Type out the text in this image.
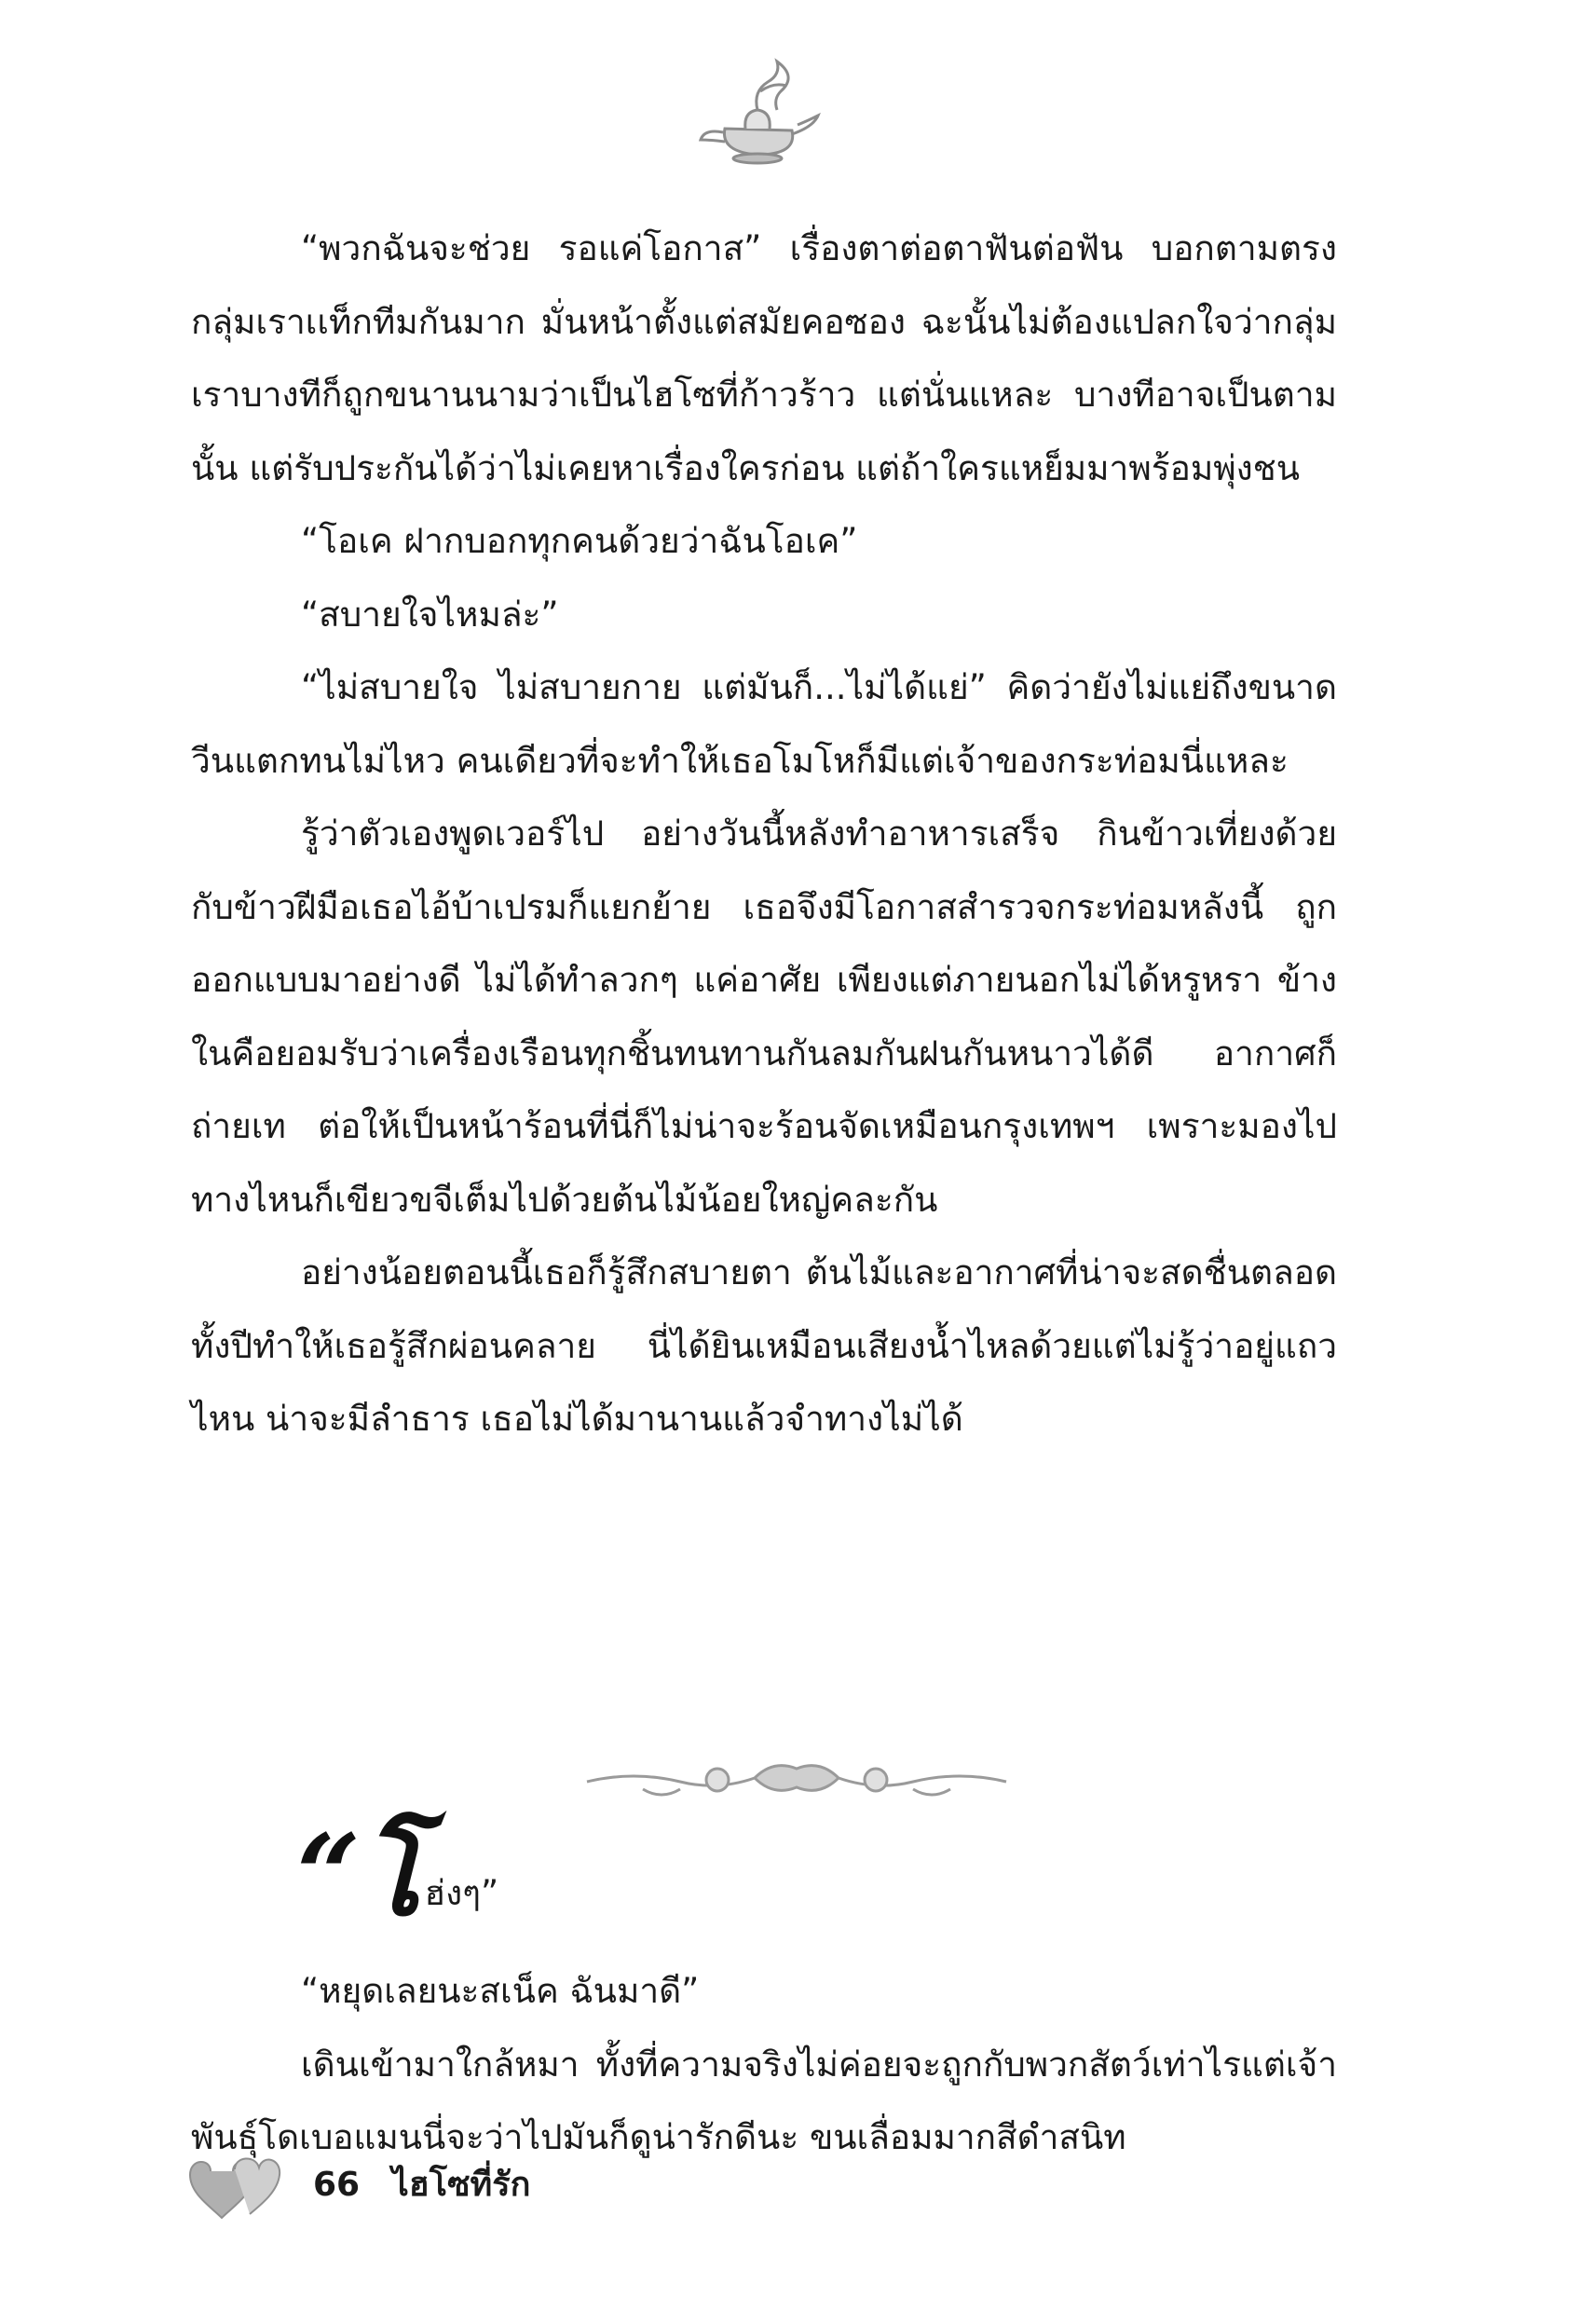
“พวกฉันจะช่วย รอแค่โอกาส” เรื่องตาต่อตาฟันต่อฟัน บอกตามตรงกลุ่มเราเเท็กทีมกันมาก มั่นหน้าตั้งแต่สมัยคอซอง ฉะนั้นไม่ต้องแปลกใจว่ากลุ่มเราบางทีก็ถูกขนานนามว่าเป็นไฮโซที่ก้าวร้าว แต่นั่นแหละ บางทีอาจเป็นตามนั้น แต่รับประกันได้ว่าไม่เคยหาเรื่องใครก่อน แต่ถ้าใครแหย็มมาพร้อมพุ่งชน

“โอเค ฝากบอกทุกคนด้วยว่าฉันโอเค”

“สบายใจไหมล่ะ”

“ไม่สบายใจ ไม่สบายกาย แต่มันก็...ไม่ได้แย่” คิดว่ายังไม่แย่ถึงขนาดวีนแตกทนไม่ไหว คนเดียวที่จะทำให้เธอโมโหก็มีแต่เจ้าของกระท่อมนี่แหละ

รู้ว่าตัวเองพูดเวอร์ไป อย่างวันนี้หลังทำอาหารเสร็จ กินข้าวเที่ยงด้วยกับข้าวฝีมือเธอไอ้บ้าเปรมก็แยกย้าย เธอจึงมีโอกาสสำรวจกระท่อมหลังนี้ ถูกออกแบบมาอย่างดี ไม่ได้ทำลวกๆ แค่อาศัย เพียงแต่ภายนอกไม่ได้หรูหรา ข้างในคือยอมรับว่าเครื่องเรือนทุกชิ้นทนทานกันลมกันฝนกันหนาวได้ดี อากาศก็ถ่ายเท ต่อให้เป็นหน้าร้อนที่นี่ก็ไม่น่าจะร้อนจัดเหมือนกรุงเทพฯ เพราะมองไปทางไหนก็เขียวขจีเต็มไปด้วยต้นไม้น้อยใหญ่คละกัน

อย่างน้อยตอนนี้เธอก็รู้สึกสบายตา ต้นไม้และอากาศที่น่าจะสดชื่นตลอดทั้งปีทำให้เธอรู้สึกผ่อนคลาย นี่ได้ยินเหมือนเสียงน้ำไหลด้วยแต่ไม่รู้ว่าอยู่แถวไหน น่าจะมีลำธาร เธอไม่ได้มานานแล้วจำทางไม่ได้

“ โ ฮ่งๆ”

“หยุดเลยนะสเน็ค ฉันมาดี”

เดินเข้ามาใกล้หมา ทั้งที่ความจริงไม่ค่อยจะถูกกับพวกสัตว์เท่าไรแต่เจ้าพันธุ์โดเบอแมนนี่จะว่าไปมันก็ดูน่ารักดีนะ ขนเลื่อมมากสีดำสนิท

66 ไฮโซที่รัก
